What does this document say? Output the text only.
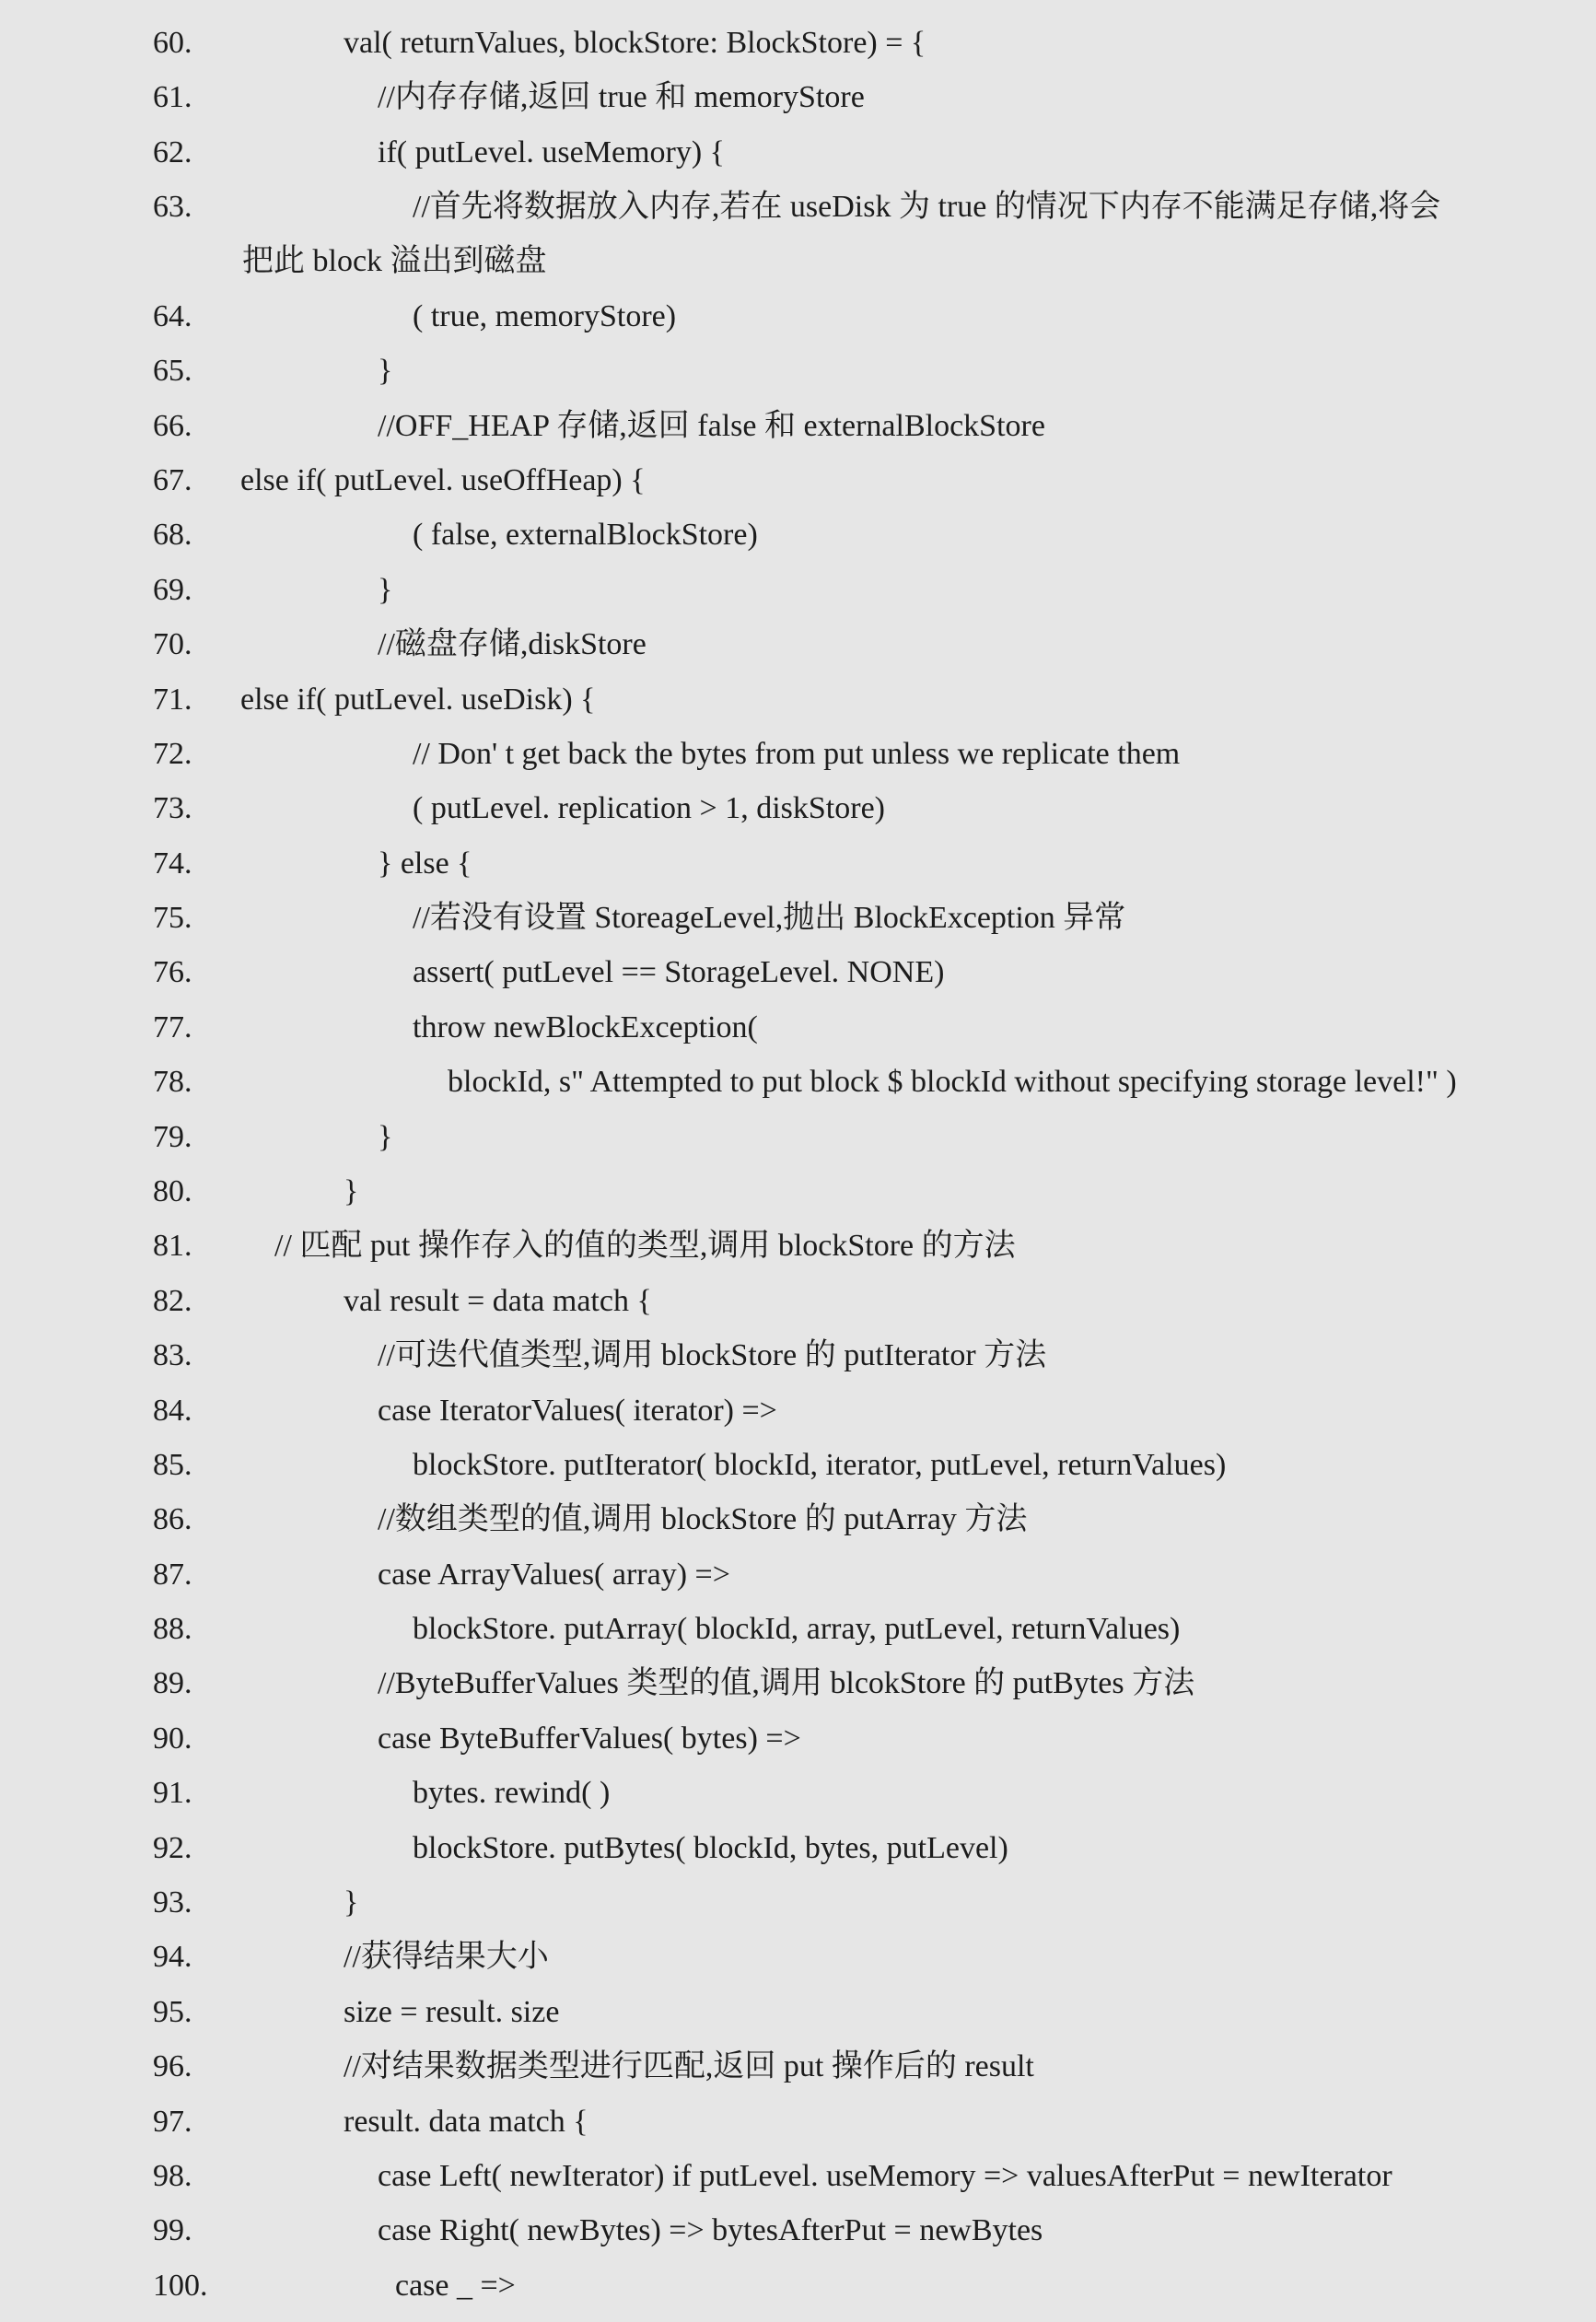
60.	val( returnValues, blockStore: BlockStore) = {
61.	//内存存储,返回 true 和 memoryStore
62.	if( putLevel. useMemory) {
63.	//首先将数据放入内存,若在 useDisk 为 true 的情况下内存不能满足存储,将会
把此 block 溢出到磁盘
64.	( true, memoryStore)
65.	}
66.	//OFF_HEAP 存储,返回 false 和 externalBlockStore
67. else if( putLevel. useOffHeap) {
68.	( false, externalBlockStore)
69.	}
70.	//磁盘存储,diskStore
71. else if( putLevel. useDisk) {
72.	// Don' t get back the bytes from put unless we replicate them
73.	( putLevel. replication > 1, diskStore)
74.	} else {
75.	//若没有设置 StoreageLevel,抛出 BlockException 异常
76.	assert( putLevel == StorageLevel. NONE)
77.	throw newBlockException(
78.	blockId, s" Attempted to put block $ blockId without specifying storage level!" )
79.	}
80.	}
81.	// 匹配 put 操作存入的值的类型,调用 blockStore 的方法
82.	val result = data match {
83.	//可迭代值类型,调用 blockStore 的 putIterator 方法
84.	case IteratorValues( iterator) =>
85.	blockStore. putIterator( blockId, iterator, putLevel, returnValues)
86.	//数组类型的值,调用 blockStore 的 putArray 方法
87.	case ArrayValues( array) =>
88.	blockStore. putArray( blockId, array, putLevel, returnValues)
89.	//ByteBufferValues 类型的值,调用 blcokStore 的 putBytes 方法
90.	case ByteBufferValues( bytes) =>
91.	bytes. rewind( )
92.	blockStore. putBytes( blockId, bytes, putLevel)
93.	}
94.	//获得结果大小
95.	size = result. size
96.	//对结果数据类型进行匹配,返回 put 操作后的 result
97.	result. data match {
98.	case Left( newIterator) if putLevel. useMemory => valuesAfterPut = newIterator
99.	case Right( newBytes) => bytesAfterPut = newBytes
100.	case _ =>
